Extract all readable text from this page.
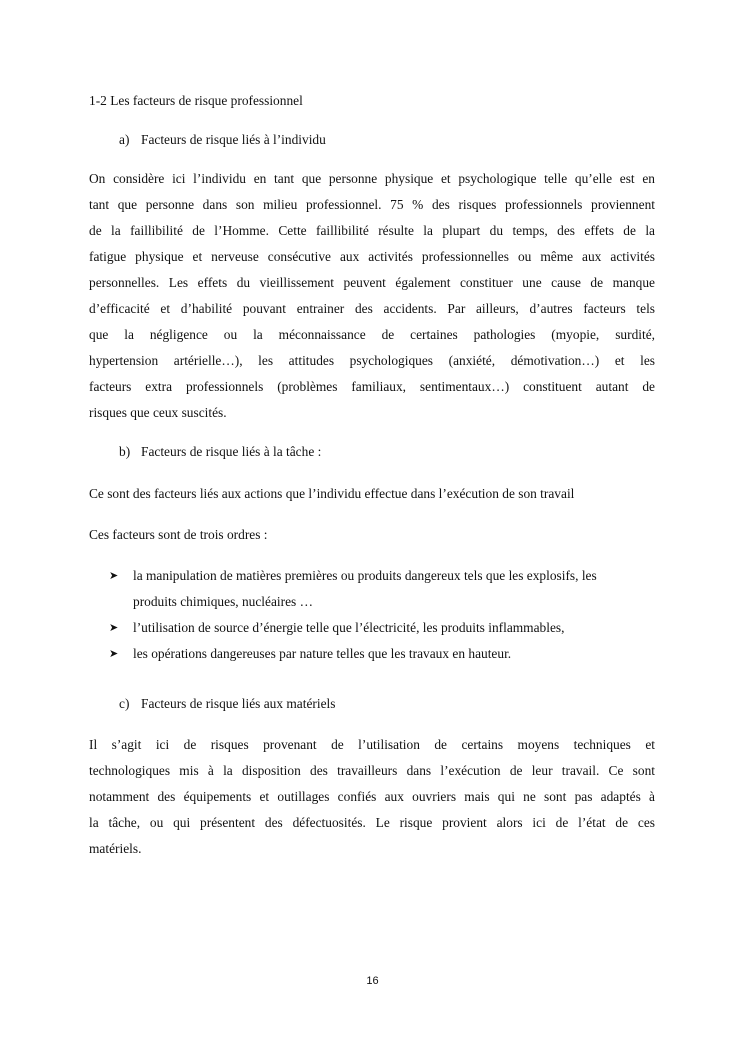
1-2 Les facteurs de risque professionnel
a) Facteurs de risque liés à l’individu
On considère ici l’individu en tant que personne physique et psychologique telle qu’elle est en
tant que personne dans son milieu professionnel. 75 % des risques professionnels proviennent
de la faillibilité de l’Homme. Cette faillibilité résulte la plupart du temps, des effets de la
fatigue physique et nerveuse consécutive aux activités professionnelles ou même aux activités
personnelles. Les effets du vieillissement peuvent également constituer une cause de manque
d’efficacité et d’habilité pouvant entrainer des accidents. Par ailleurs, d’autres facteurs tels
que la négligence ou la méconnaissance de certaines pathologies (myopie, surdité,
hypertension artérielle…), les attitudes psychologiques (anxiété, démotivation…) et les
facteurs extra professionnels (problèmes familiaux, sentimentaux…) constituent autant de
risques que ceux suscités.
b) Facteurs de risque liés à la tâche :
Ce sont des facteurs liés aux actions que l’individu effectue dans l’exécution de son travail
Ces facteurs sont de trois ordres :
➤ la manipulation de matières premières ou produits dangereux tels que les explosifs, les
produits chimiques, nucléaires …
➤ l’utilisation de source d’énergie telle que l’électricité, les produits inflammables,
➤ les opérations dangereuses par nature telles que les travaux en hauteur.
c) Facteurs de risque liés aux matériels
Il s’agit ici de risques provenant de l’utilisation de certains moyens techniques et
technologiques mis à la disposition des travailleurs dans l’exécution de leur travail. Ce sont
notamment des équipements et outillages confiés aux ouvriers mais qui ne sont pas adaptés à
la tâche, ou qui présentent des défectuosités. Le risque provient alors ici de l’état de ces
matériels.
16
